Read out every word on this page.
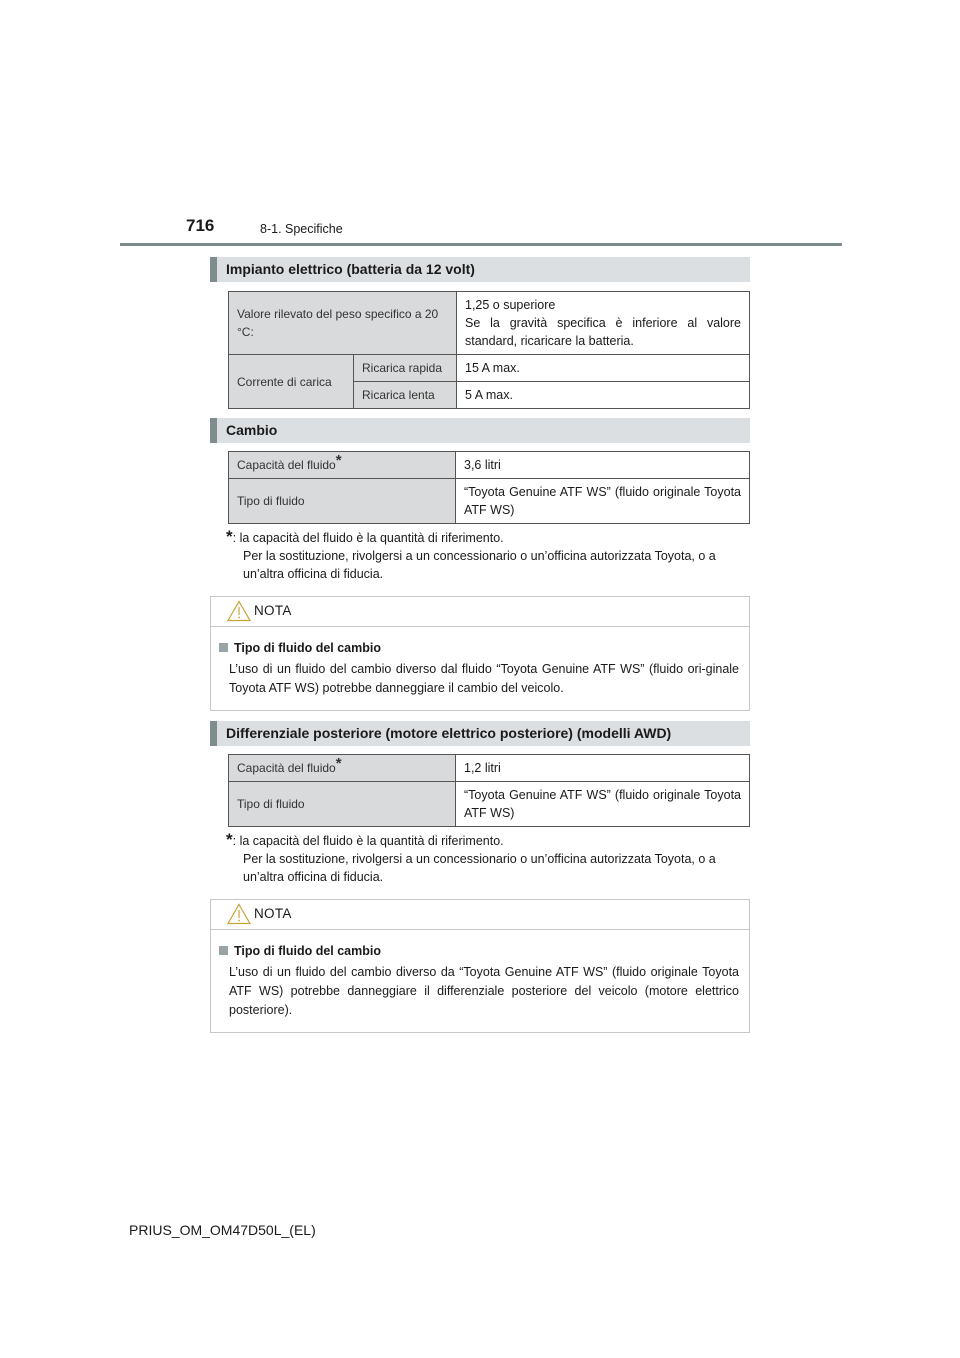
716	8-1. Specifiche
Impianto elettrico (batteria da 12 volt)
Valore rilevato del peso specifico a 20 °C:		1,25 o superiore
Se la gravità specifica è inferiore al valore standard, ricaricare la batteria.

Corrente di carica	Ricarica rapida	15 A max.
	Ricarica lenta	5 A max.
Cambio
Capacità del fluido*	3,6 litri
Tipo di fluido	“Toyota Genuine ATF WS” (fluido originale Toyota ATF WS)
*: la capacità del fluido è la quantità di riferimento.
Per la sostituzione, rivolgersi a un concessionario o un’officina autorizzata Toyota, o a un’altra officina di fiducia.
NOTA
Tipo di fluido del cambio
L’uso di un fluido del cambio diverso dal fluido “Toyota Genuine ATF WS” (fluido ori-ginale Toyota ATF WS) potrebbe danneggiare il cambio del veicolo.
Differenziale posteriore (motore elettrico posteriore) (modelli AWD)
Capacità del fluido*	1,2 litri
Tipo di fluido	“Toyota Genuine ATF WS” (fluido originale Toyota ATF WS)
*: la capacità del fluido è la quantità di riferimento.
Per la sostituzione, rivolgersi a un concessionario o un’officina autorizzata Toyota, o a un’altra officina di fiducia.
NOTA
Tipo di fluido del cambio
L’uso di un fluido del cambio diverso da “Toyota Genuine ATF WS” (fluido originale Toyota ATF WS) potrebbe danneggiare il differenziale posteriore del veicolo (motore elettrico posteriore).
PRIUS_OM_OM47D50L_(EL)
